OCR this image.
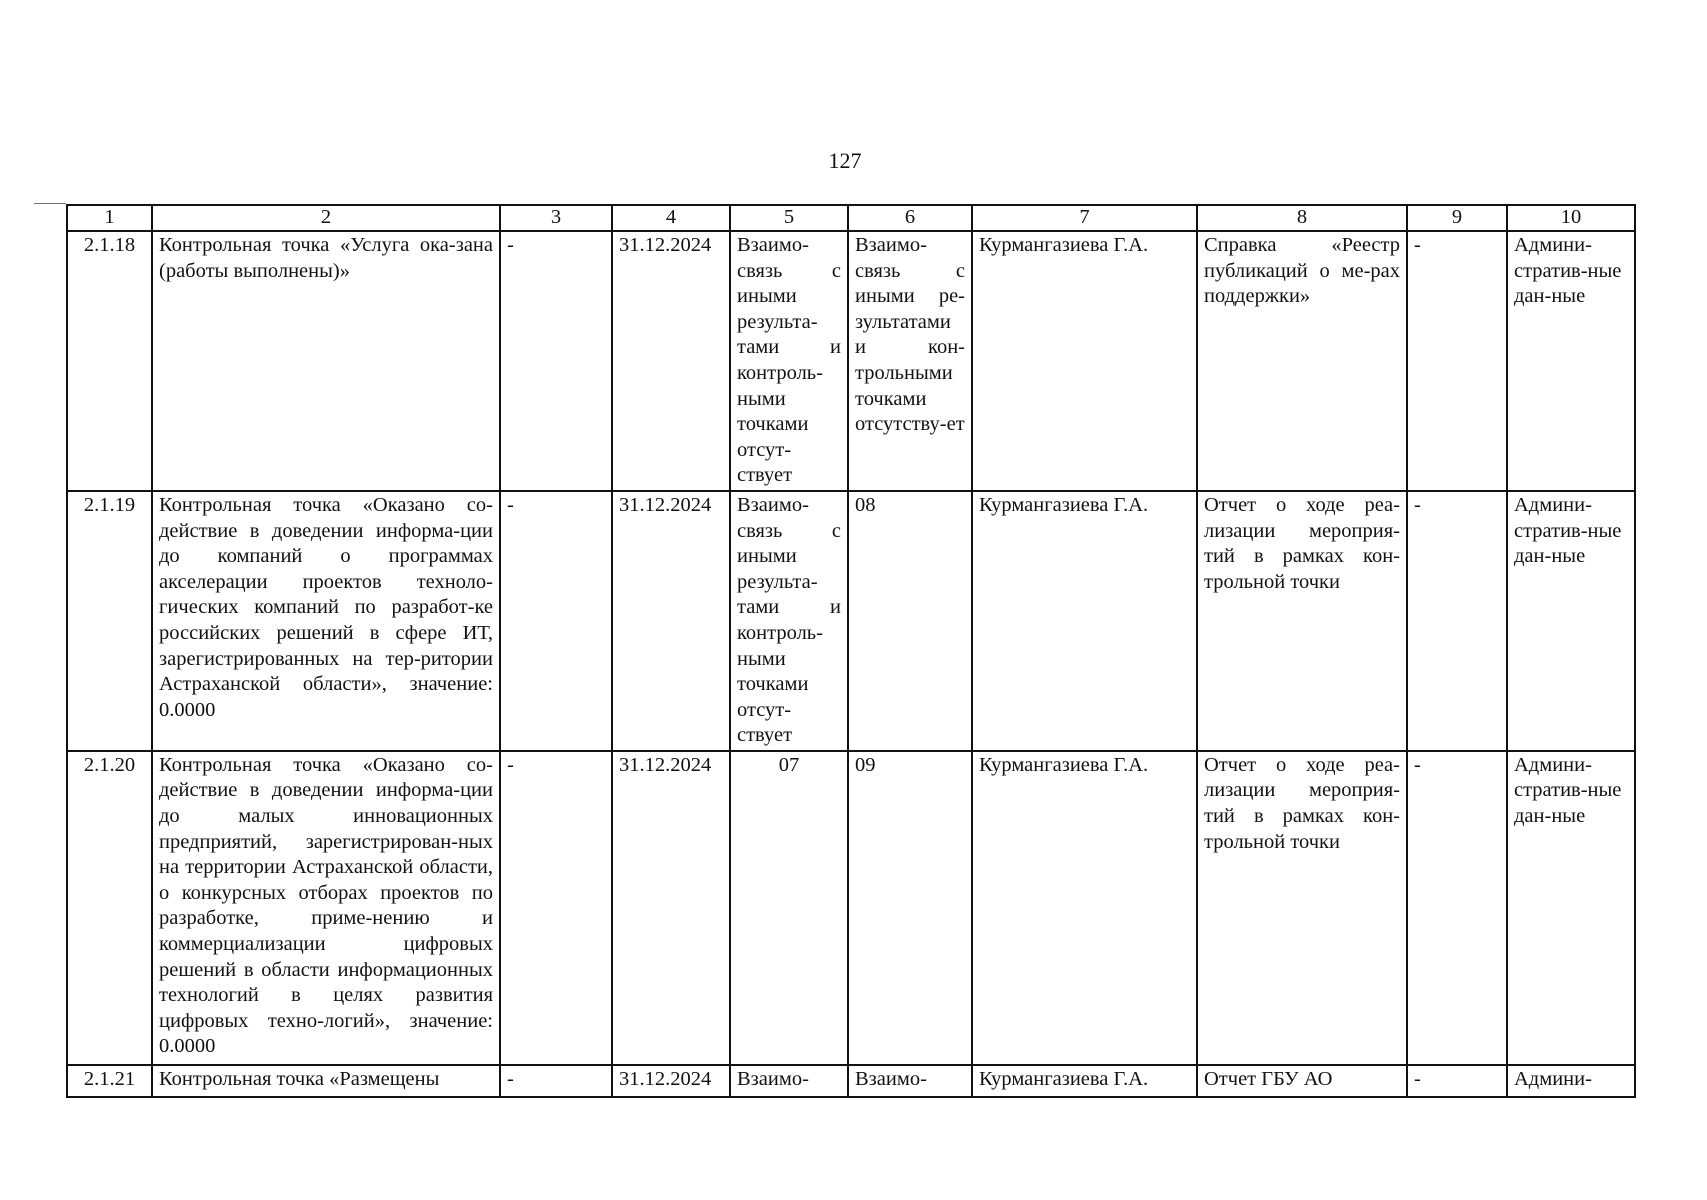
127
1	2	3	4	5	6	7	8	9	10
2.1.18	Контрольная точка «Услуга ока-зана (работы выполнены)»	-	31.12.2024	Взаимо-связь с иными результа-тами и контроль-ными точками отсут-ствует	Взаимо-связь с иными ре-зультатами и кон-трольными точками отсутству-ет	Курмангазиева Г.А.	Справка «Реестр публикаций о ме-рах поддержки»	-	Админи-стратив-ные дан-ные
2.1.19	Контрольная точка «Оказано со-действие в доведении информа-ции до компаний о программах акселерации проектов техноло-гических компаний по разработ-ке российских решений в сфере ИТ, зарегистрированных на тер-ритории Астраханской области», значение: 0.0000	-	31.12.2024	Взаимо-связь с иными результа-тами и контроль-ными точками отсут-ствует	08	Курмангазиева Г.А.	Отчет о ходе реа-лизации мероприя-тий в рамках кон-трольной точки	-	Админи-стратив-ные дан-ные
2.1.20	Контрольная точка «Оказано со-действие в доведении информа-ции до малых инновационных предприятий, зарегистрирован-ных на территории Астраханской области, о конкурсных отборах проектов по разработке, приме-нению и коммерциализации цифровых решений в области информационных технологий в целях развития цифровых техно-логий», значение: 0.0000	-	31.12.2024	07	09	Курмангазиева Г.А.	Отчет о ходе реа-лизации мероприя-тий в рамках кон-трольной точки	-	Админи-стратив-ные дан-ные
2.1.21	Контрольная точка «Размещены	-	31.12.2024	Взаимо-	Взаимо-	Курмангазиева Г.А.	Отчет ГБУ АО	-	Админи-
